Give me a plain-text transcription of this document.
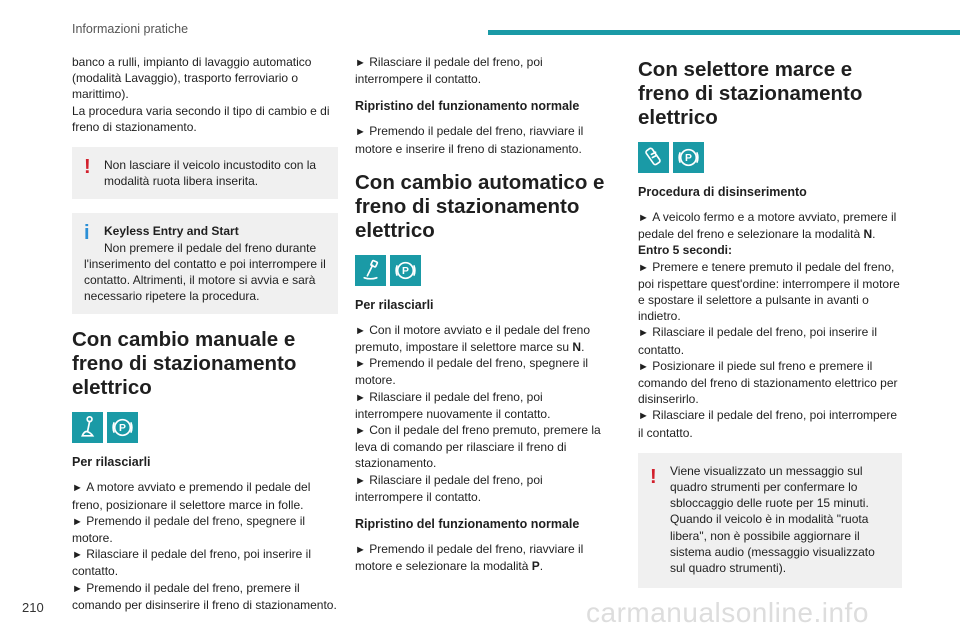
Informazioni pratiche

banco a rulli, impianto di lavaggio automatico (modalità Lavaggio), trasporto ferroviario o marittimo).

La procedura varia secondo il tipo di cambio e di freno di stazionamento.

! Non lasciare il veicolo incustodito con la modalità ruota libera inserita.

i Keyless Entry and Start

Non premere il pedale del freno durante l'inserimento del contatto e poi interrompere il contatto. Altrimenti, il motore si avvia e sarà necessario ripetere la procedura.

Con cambio manuale e freno di stazionamento elettrico
P
Per rilasciarli

► A motore avviato e premendo il pedale del freno, posizionare il selettore marce in folle.

► Premendo il pedale del freno, spegnere il motore.

► Rilasciare il pedale del freno, poi inserire il contatto.

► Premendo il pedale del freno, premere il comando per disinserire il freno di stazionamento.

► Rilasciare il pedale del freno, poi interrompere il contatto.

Ripristino del funzionamento normale

► Premendo il pedale del freno, riavviare il motore e inserire il freno di stazionamento.

Con cambio automatico e freno di stazionamento elettrico
P
Per rilasciarli

► Con il motore avviato e il pedale del freno premuto, impostare il selettore marce su N.

► Premendo il pedale del freno, spegnere il motore.

► Rilasciare il pedale del freno, poi interrompere nuovamente il contatto.

► Con il pedale del freno premuto, premere la leva di comando per rilasciare il freno di stazionamento.

► Rilasciare il pedale del freno, poi interrompere il contatto.

Ripristino del funzionamento normale

► Premendo il pedale del freno, riavviare il motore e selezionare la modalità P.

Con selettore marce e freno di stazionamento elettrico
P
Procedura di disinserimento

► A veicolo fermo e a motore avviato, premere il pedale del freno e selezionare la modalità N.

Entro 5 secondi:

► Premere e tenere premuto il pedale del freno, poi rispettare quest'ordine: interrompere il motore e spostare il selettore a pulsante in avanti o indietro.

► Rilasciare il pedale del freno, poi inserire il contatto.

► Posizionare il piede sul freno e premere il comando del freno di stazionamento elettrico per disinserirlo.

► Rilasciare il pedale del freno, poi interrompere il contatto.

! Viene visualizzato un messaggio sul quadro strumenti per confermare lo sbloccaggio delle ruote per 15 minuti. Quando il veicolo è in modalità "ruota libera", non è possibile aggiornare il sistema audio (messaggio visualizzato sul quadro strumenti).

210	carmanualsonline.info
